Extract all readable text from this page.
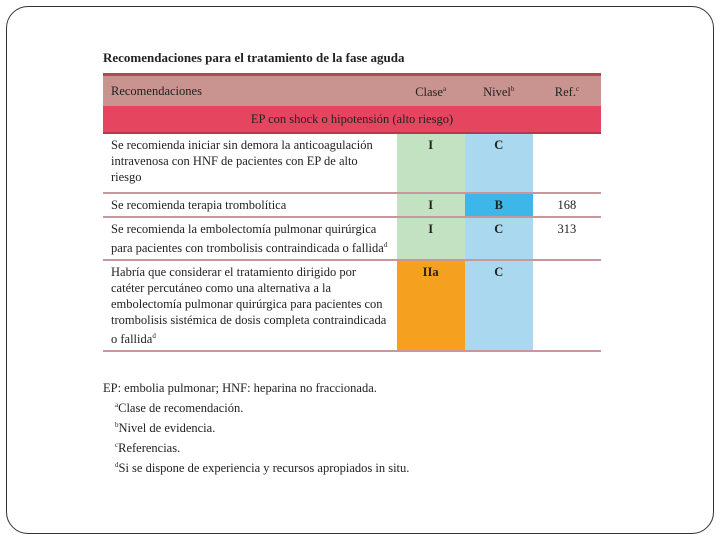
Recomendaciones para el tratamiento de la fase aguda
Recomendaciones	Clase$^a$	Nivel$^b$	Ref.$^c$
EP con shock o hipotensión (alto riesgo)			
Se recomienda iniciar sin demora la anticoagulación intravenosa con HNF de pacientes con EP de alto riesgo	I	C	
Se recomienda terapia trombolítica	I	B	168
Se recomienda la embolectomía pulmonar quirúrgica para pacientes con trombolisis contraindicada o fallida$^d$	I	C	313
Habría que considerar el tratamiento dirigido por catéter percutáneo como una alternativa a la embolectomía pulmonar quirúrgica para pacientes con trombolisis sistémica de dosis completa contraindicada o fallida$^d$	IIa	C	
EP: embolia pulmonar; HNF: heparina no fraccionada.
$^a$Clase de recomendación.
$^b$Nivel de evidencia.
$^c$Referencias.
$^d$Si se dispone de experiencia y recursos apropiados in situ.
